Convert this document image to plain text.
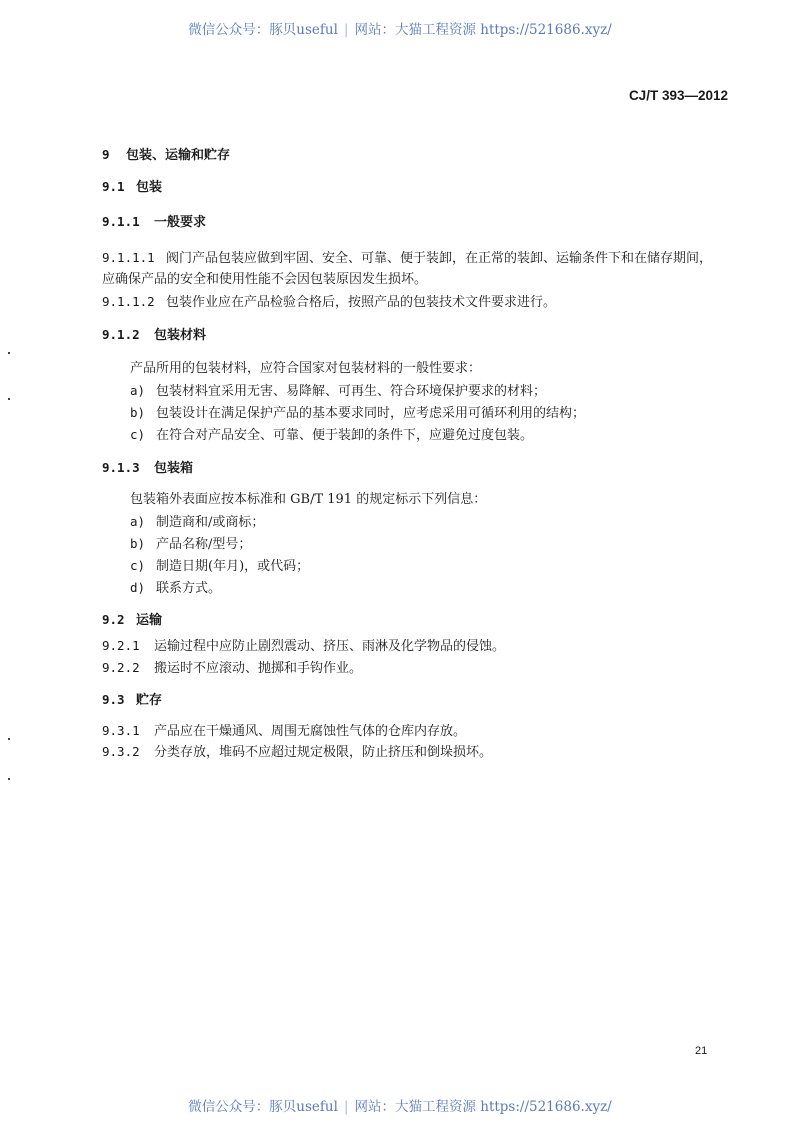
微信公众号：豚贝useful | 网站：大猫工程资源 https://521686.xyz/
CJ/T 393—2012
9 包装、运输和贮存
9.1 包装
9.1.1 一般要求
9.1.1.1 阀门产品包装应做到牢固、安全、可靠、便于装卸，在正常的装卸、运输条件下和在储存期间，
应确保产品的安全和使用性能不会因包装原因发生损坏。
9.1.1.2 包装作业应在产品检验合格后，按照产品的包装技术文件要求进行。
9.1.2 包装材料
产品所用的包装材料，应符合国家对包装材料的一般性要求：
a) 包装材料宜采用无害、易降解、可再生、符合环境保护要求的材料；
b) 包装设计在满足保护产品的基本要求同时，应考虑采用可循环利用的结构；
c) 在符合对产品安全、可靠、便于装卸的条件下，应避免过度包装。
9.1.3 包装箱
包装箱外表面应按本标准和 GB/T 191 的规定标示下列信息：
a) 制造商和/或商标；
b) 产品名称/型号；
c) 制造日期(年月)，或代码；
d) 联系方式。
9.2 运输
9.2.1 运输过程中应防止剧烈震动、挤压、雨淋及化学物品的侵蚀。
9.2.2 搬运时不应滚动、抛掷和手钩作业。
9.3 贮存
9.3.1 产品应在干燥通风、周围无腐蚀性气体的仓库内存放。
9.3.2 分类存放，堆码不应超过规定极限，防止挤压和倒垛损坏。
21
微信公众号：豚贝useful | 网站：大猫工程资源 https://521686.xyz/
